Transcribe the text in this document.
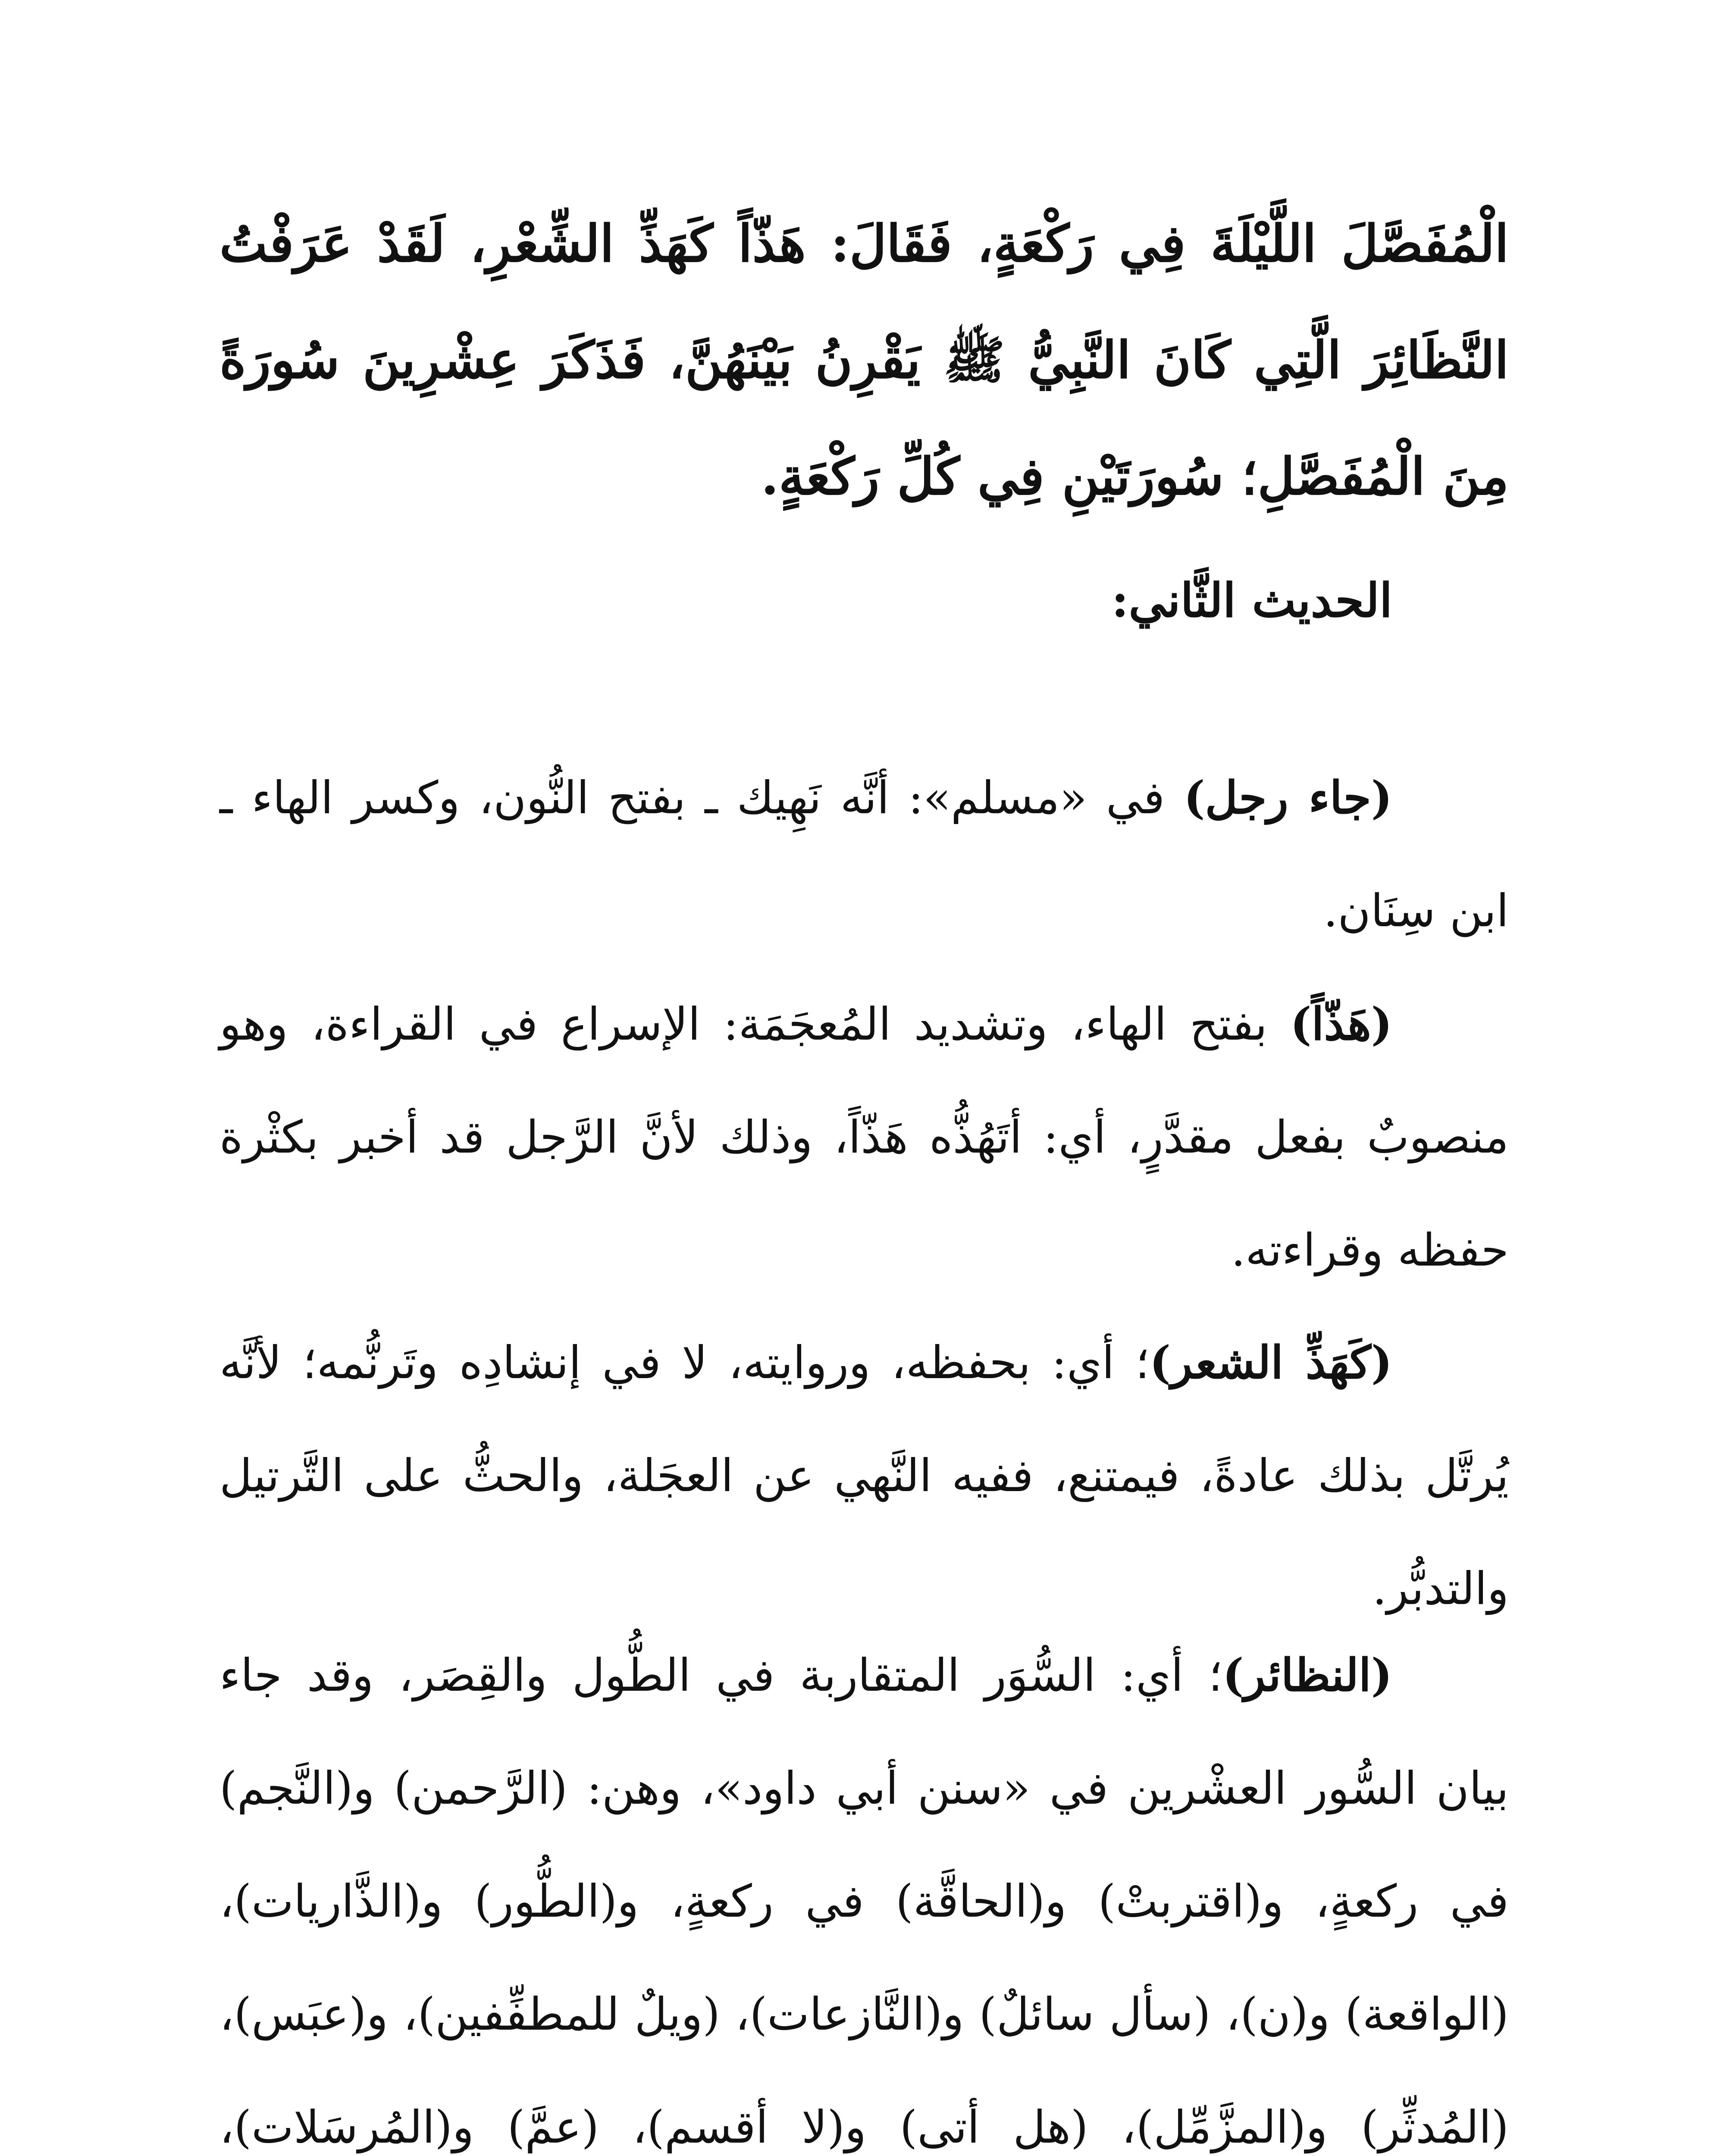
الْمُفَصَّلَ اللَّيْلَةَ فِي رَكْعَةٍ، فَقَالَ: هَذّاً كَهَذِّ الشِّعْرِ، لَقَدْ عَرَفْتُ النَّظَائِرَ الَّتِي كَانَ النَّبِيُّ ﷺ يَقْرِنُ بَيْنَهُنَّ، فَذَكَرَ عِشْرِينَ سُورَةً مِنَ الْمُفَصَّلِ؛ سُورَتَيْنِ فِي كُلِّ رَكْعَةٍ.
الحديث الثَّاني:

(جاء رجل) في «مسلم»: أنَّه نَهِيك ـ بفتح النُّون، وكسر الهاء ـ ابن سِنَان.

(هَذّاً) بفتح الهاء، وتشديد المُعجَمَة: الإسراع في القراءة، وهو منصوبٌ بفعل مقدَّرٍ، أي: أتَهُذُّه هَذّاً، وذلك لأنَّ الرَّجل قد أخبر بكثْرة حفظه وقراءته.

(كَهَذِّ الشعر)؛ أي: بحفظه، وروايته، لا في إنشادِه وتَرنُّمه؛ لأنَّه يُرتَّل بذلك عادةً، فيمتنع، ففيه النَّهي عن العجَلة، والحثُّ على التَّرتيل والتدبُّر.

(النظائر)؛ أي: السُّوَر المتقاربة في الطُّول والقِصَر، وقد جاء بيان السُّور العشْرين في «سنن أبي داود»، وهن: (الرَّحمن) و(النَّجم) في ركعةٍ، و(اقتربتْ) و(الحاقَّة) في ركعةٍ، و(الطُّور) و(الذَّاريات)، (الواقعة) و(ن)، (سأل سائلٌ) و(النَّازعات)، (ويلٌ للمطفِّفين)، و(عبَس)، (المُدثِّر) و(المزَّمِّل)، (هل أتى) و(لا أقسم)، (عمَّ) و(المُرسَلات)،
